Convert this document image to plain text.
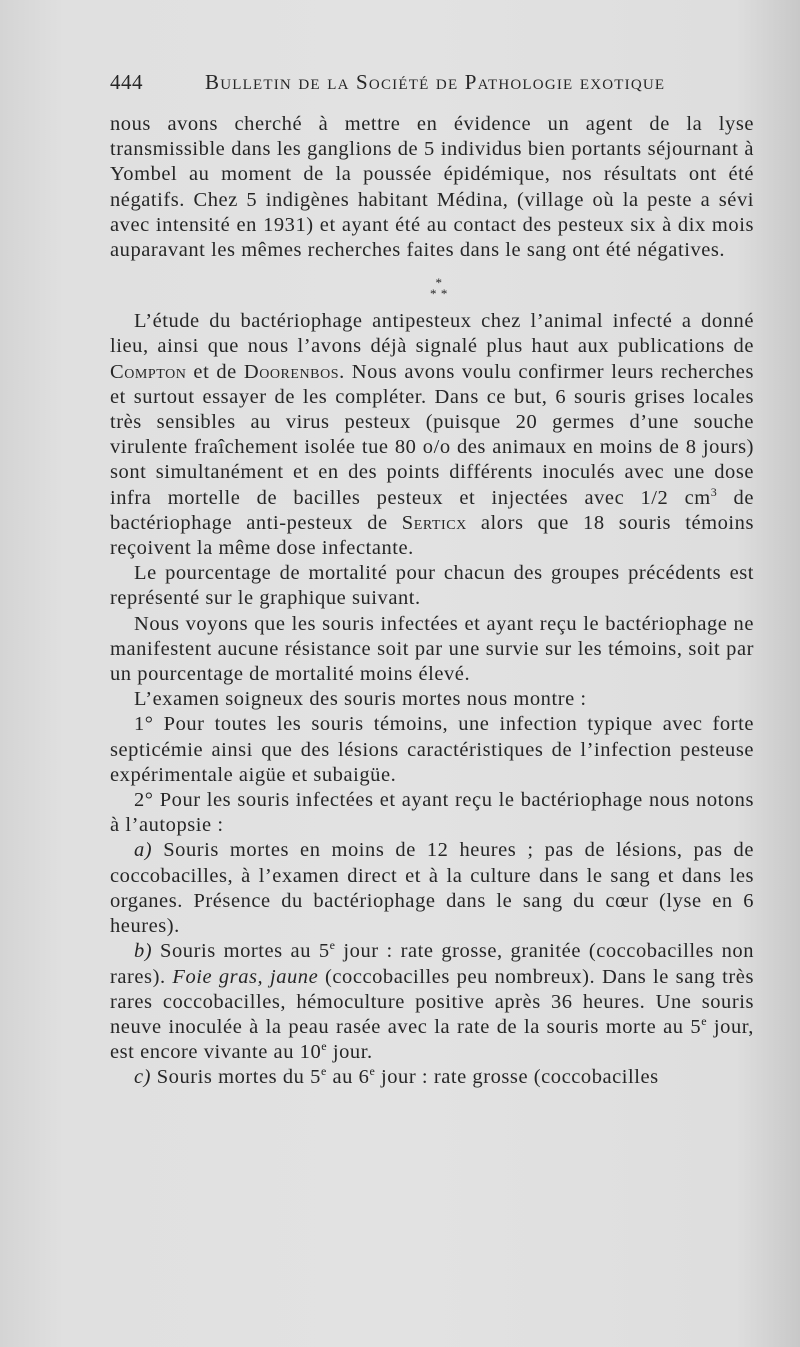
444	Bulletin de la Société de Pathologie exotique

nous avons cherché à mettre en évidence un agent de la lyse transmissible dans les ganglions de 5 individus bien portants séjournant à Yombel au moment de la poussée épidémique, nos résultats ont été négatifs. Chez 5 indigènes habitant Médina, (village où la peste a sévi avec intensité en 1931) et ayant été au contact des pesteux six à dix mois auparavant les mêmes recherches faites dans le sang ont été négatives.

*
* *

L’étude du bactériophage antipesteux chez l’animal infecté a donné lieu, ainsi que nous l’avons déjà signalé plus haut aux publications de Compton et de Doorenbos. Nous avons voulu confirmer leurs recherches et surtout essayer de les compléter. Dans ce but, 6 souris grises locales très sensibles au virus pesteux (puisque 20 germes d’une souche virulente fraîchement isolée tue 80 o/o des animaux en moins de 8 jours) sont simultanément et en des points différents inoculés avec une dose infra mortelle de bacilles pesteux et injectées avec 1/2 $cm^3$ de bactériophage anti-pesteux de Serticx alors que 18 souris témoins reçoivent la même dose infectante.

Le pourcentage de mortalité pour chacun des groupes précédents est représenté sur le graphique suivant.

Nous voyons que les souris infectées et ayant reçu le bactériophage ne manifestent aucune résistance soit par une survie sur les témoins, soit par un pourcentage de mortalité moins élevé.

L’examen soigneux des souris mortes nous montre :

1° Pour toutes les souris témoins, une infection typique avec forte septicémie ainsi que des lésions caractéristiques de l’infection pesteuse expérimentale aigüe et subaigüe.

2° Pour les souris infectées et ayant reçu le bactériophage nous notons à l’autopsie :

a) Souris mortes en moins de 12 heures ; pas de lésions, pas de coccobacilles, à l’examen direct et à la culture dans le sang et dans les organes. Présence du bactériophage dans le sang du cœur (lyse en 6 heures).

b) Souris mortes au 5e jour : rate grosse, granitée (coccobacilles non rares). Foie gras, jaune (coccobacilles peu nombreux). Dans le sang très rares coccobacilles, hémoculture positive après 36 heures. Une souris neuve inoculée à la peau rasée avec la rate de la souris morte au 5e jour, est encore vivante au 10e jour.

c) Souris mortes du 5e au 6e jour : rate grosse (coccobacilles
